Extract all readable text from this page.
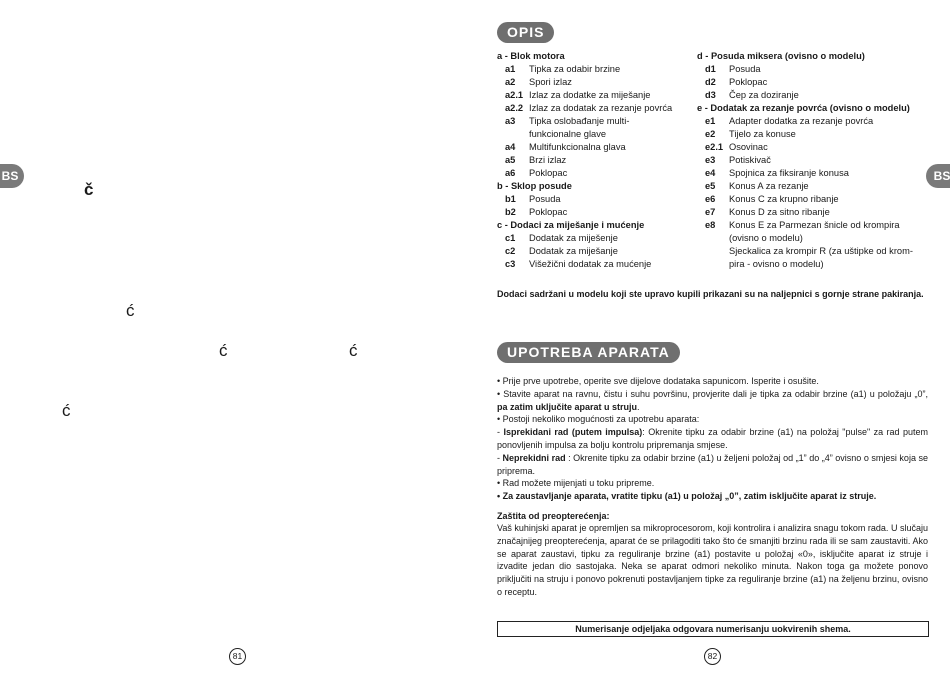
BS	BS
č
ć
ć	ć
ć
OPIS
a - Blok motora
a1	Tipka za odabir brzine
a2	Spori izlaz
a2.1 Izlaz za dodatke za miješanje
a2.2 Izlaz za dodatak za rezanje povrća
a3	Tipka oslobađanje multi-
funkcionalne glave
a4	Multifunkcionalna glava
a5	Brzi izlaz
a6	Poklopac
b - Sklop posude
b1	Posuda
b2	Poklopac
c - Dodaci za miješanje i mućenje
c1	Dodatak za miješenje
c2	Dodatak za miješanje
c3	Višežični dodatak za mućenje
d - Posuda miksera (ovisno o modelu)
d1	Posuda
d2	Poklopac
d3	Čep za doziranje
e - Dodatak za rezanje povrća (ovisno o modelu)
e1	Adapter dodatka za rezanje povrća
e2	Tijelo za konuse
e2.1 Osovinac
e3	Potiskivač
e4	Spojnica za fiksiranje konusa
e5	Konus A za rezanje
e6	Konus C za krupno ribanje
e7	Konus D za sitno ribanje
e8	Konus E za Parmezan šnicle od krompira
(ovisno o modelu)
Sjeckalica za krompir R (za uštipke od krom-
pira - ovisno o modelu)
Dodaci sadržani u modelu koji ste upravo kupili prikazani su na naljepnici s gornje strane pakiranja.
UPOTREBA APARATA
• Prije prve upotrebe, operite sve dijelove dodataka sapunicom. Isperite i osušite.
• Stavite aparat na ravnu, čistu i suhu površinu, provjerite dali je tipka za odabir brzine (a1) u položaju „0”, pa zatim uključite aparat u struju.
• Postoji nekoliko mogućnosti za upotrebu aparata:
- Isprekidani rad (putem impulsa): Okrenite tipku za odabir brzine (a1) na položaj "pulse" za rad putem ponovljenih impulsa za bolju kontrolu pripremanja smjese.
- Neprekidni rad : Okrenite tipku za odabir brzine (a1) u željeni položaj od „1” do „4” ovisno o smjesi koja se priprema.
• Rad možete mijenjati u toku pripreme.
• Za zaustavljanje aparata, vratite tipku (a1) u položaj „0”, zatim isključite aparat iz struje.
Zaštita od preopterećenja:
Vaš kuhinjski aparat je opremljen sa mikroprocesorom, koji kontrolira i analizira snagu tokom rada. U slučaju značajnijeg preopterećenja, aparat će se prilagoditi tako što će smanjiti brzinu rada ili se sam zaustaviti. Ako se aparat zaustavi, tipku za reguliranje brzine (a1) postavite u položaj «0», isključite aparat iz struje i izvadite jedan dio sastojaka. Neka se aparat odmori nekoliko minuta. Nakon toga ga možete ponovo priključiti na struju i ponovo pokrenuti postavljanjem tipke za reguliranje brzine (a1) na željenu brzinu, ovisno o receptu.
Numerisanje odjeljaka odgovara numerisanju uokvirenih shema.
81	82
